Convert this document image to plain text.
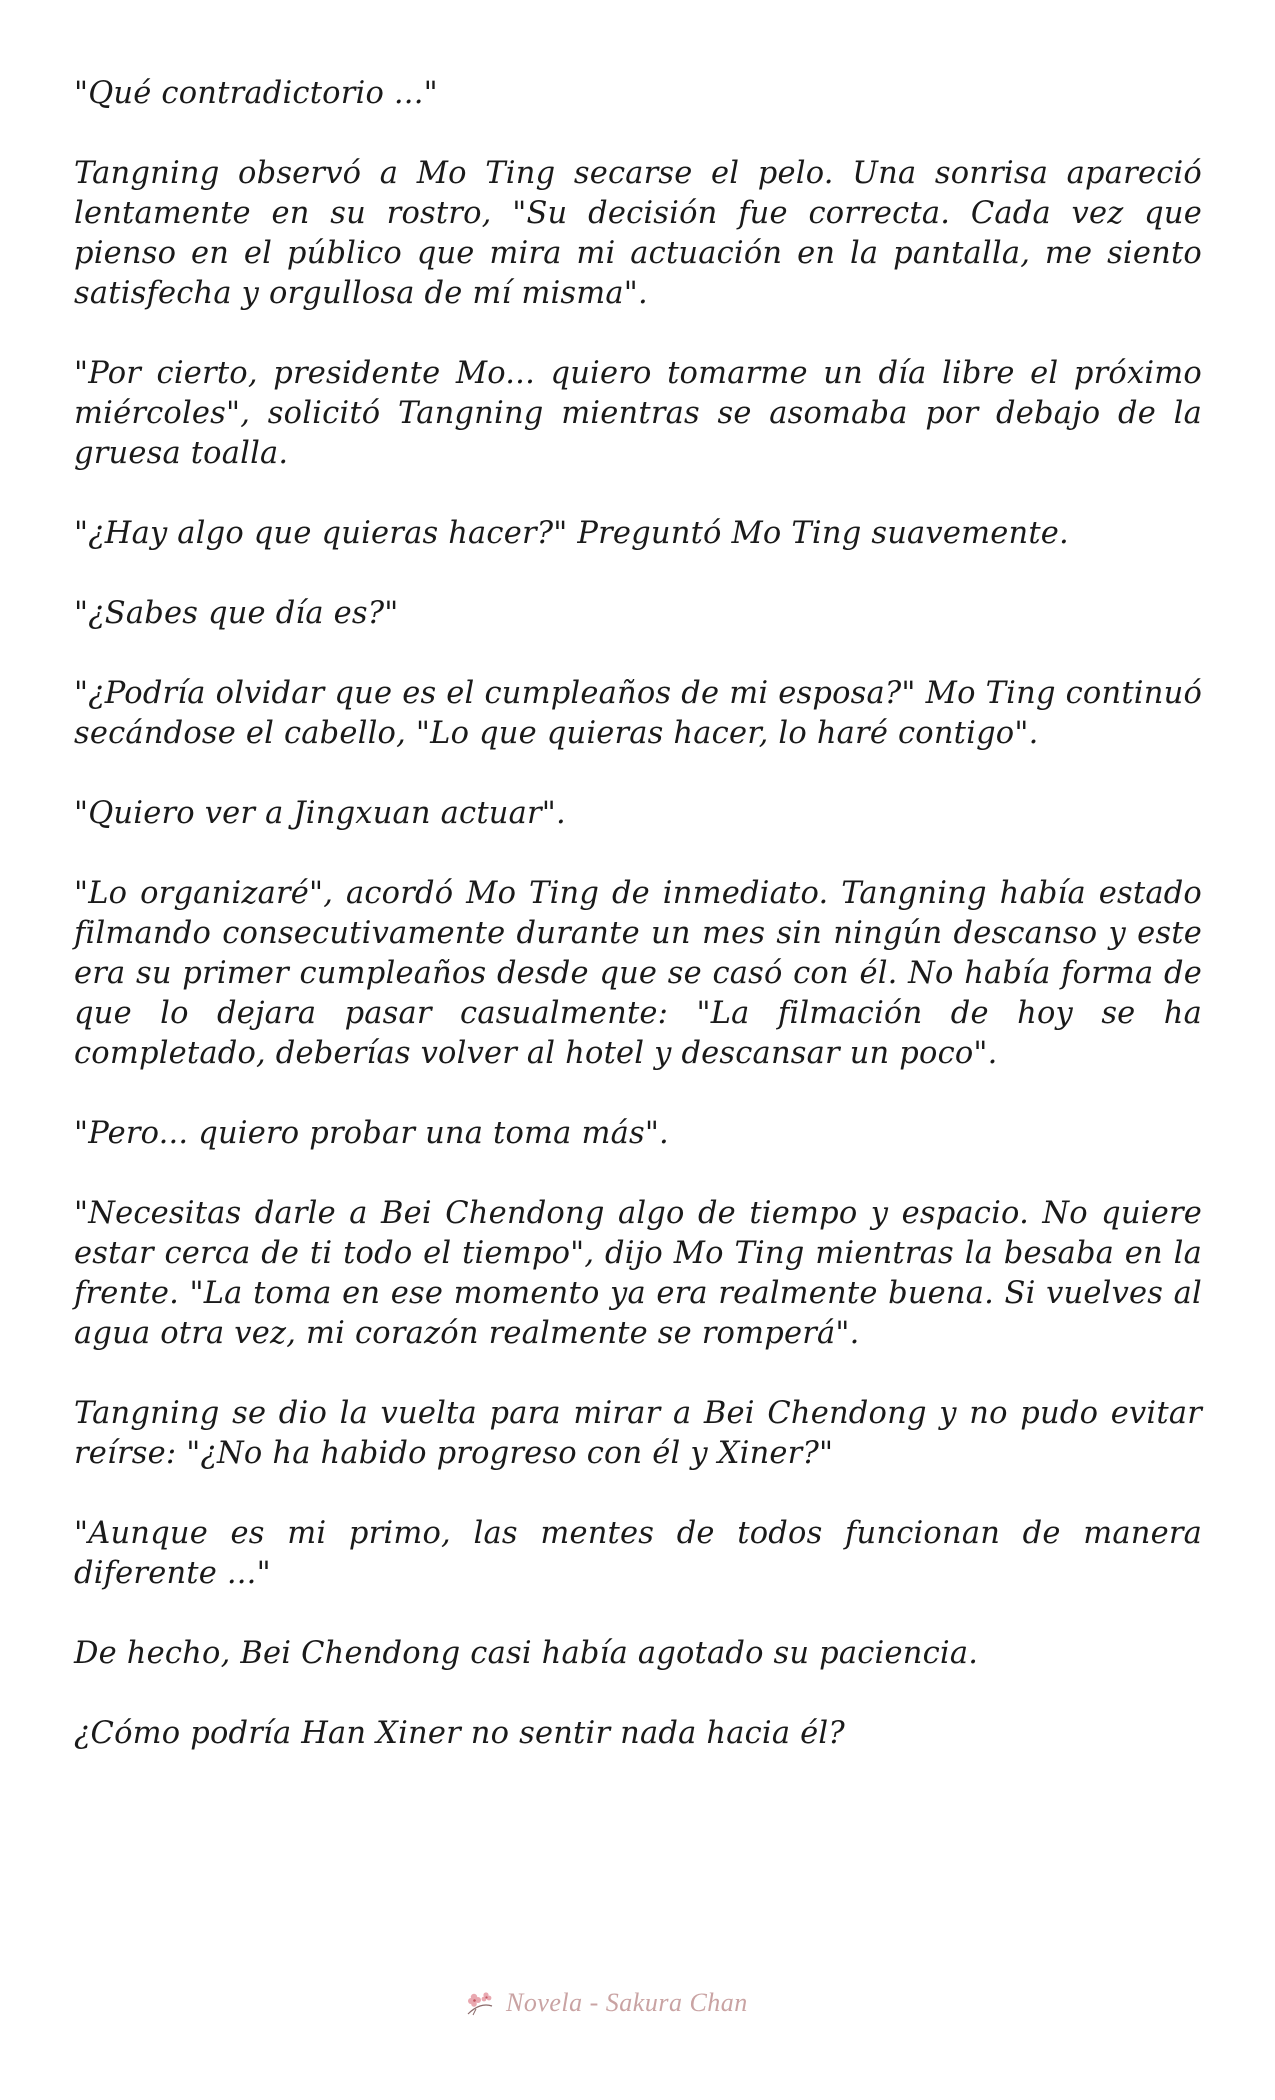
"Qué contradictorio ..."

Tangning observó a Mo Ting secarse el pelo. Una sonrisa apareció lentamente en su rostro, "Su decisión fue correcta. Cada vez que pienso en el público que mira mi actuación en la pantalla, me siento satisfecha y orgullosa de mí misma".

"Por cierto, presidente Mo... quiero tomarme un día libre el próximo miércoles", solicitó Tangning mientras se asomaba por debajo de la gruesa toalla.

"¿Hay algo que quieras hacer?" Preguntó Mo Ting suavemente.

"¿Sabes que día es?"

"¿Podría olvidar que es el cumpleaños de mi esposa?" Mo Ting continuó secándose el cabello, "Lo que quieras hacer, lo haré contigo".

"Quiero ver a Jingxuan actuar".

"Lo organizaré", acordó Mo Ting de inmediato. Tangning había estado filmando consecutivamente durante un mes sin ningún descanso y este era su primer cumpleaños desde que se casó con él. No había forma de que lo dejara pasar casualmente: "La filmación de hoy se ha completado, deberías volver al hotel y descansar un poco".

"Pero... quiero probar una toma más".

"Necesitas darle a Bei Chendong algo de tiempo y espacio. No quiere estar cerca de ti todo el tiempo", dijo Mo Ting mientras la besaba en la frente. "La toma en ese momento ya era realmente buena. Si vuelves al agua otra vez, mi corazón realmente se romperá".

Tangning se dio la vuelta para mirar a Bei Chendong y no pudo evitar reírse: "¿No ha habido progreso con él y Xiner?"

"Aunque es mi primo, las mentes de todos funcionan de manera diferente ..."

De hecho, Bei Chendong casi había agotado su paciencia.

¿Cómo podría Han Xiner no sentir nada hacia él?

Novela - Sakura Chan
